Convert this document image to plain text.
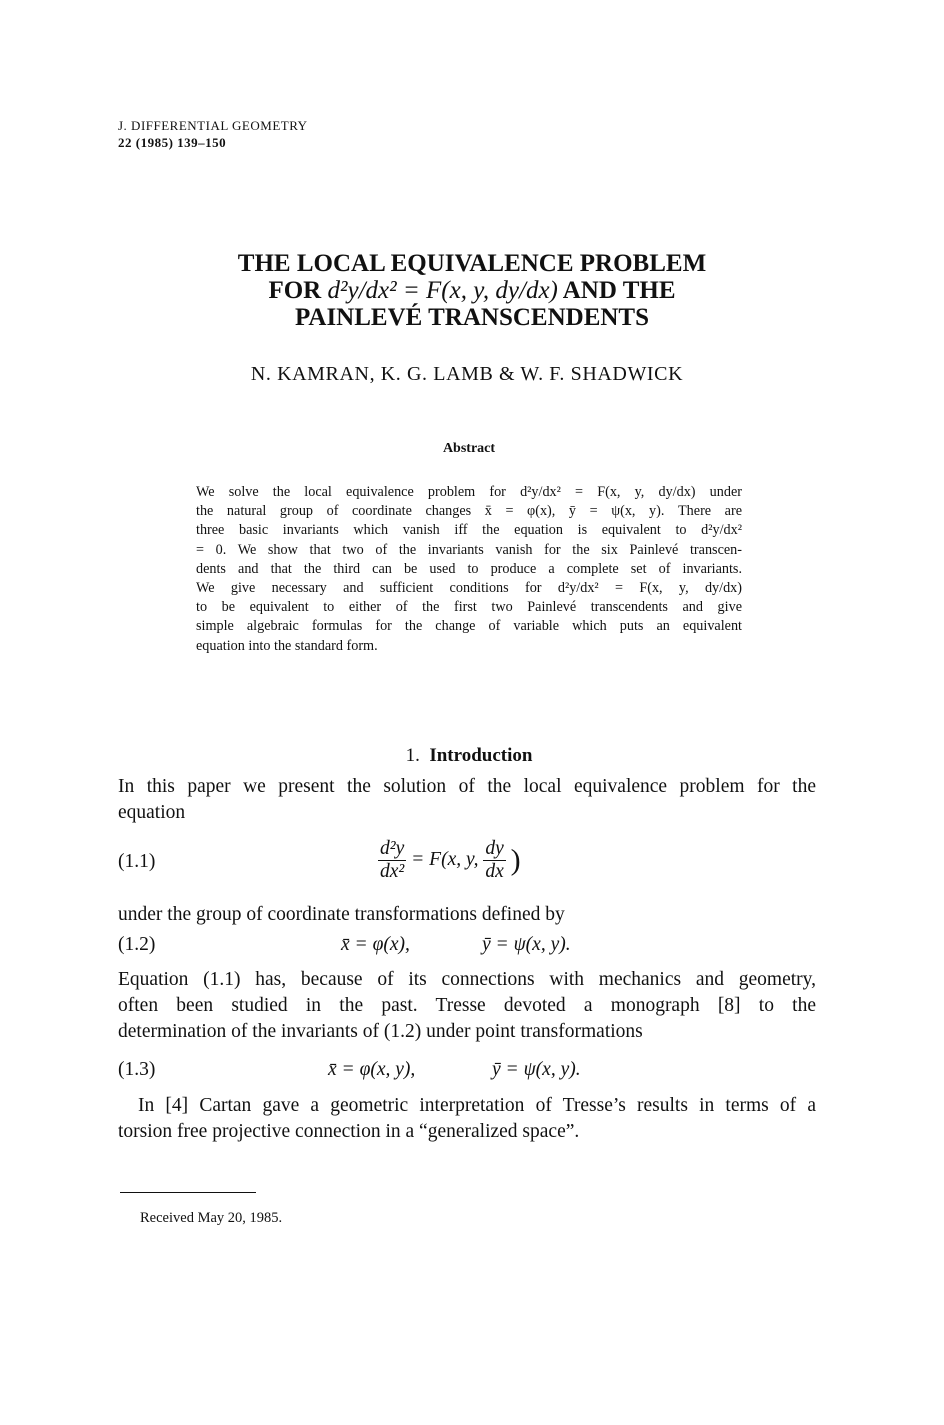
J. DIFFERENTIAL GEOMETRY
22 (1985) 139–150
THE LOCAL EQUIVALENCE PROBLEM
FOR d²y/dx² = F(x, y, dy/dx) AND THE
PAINLEVÉ TRANSCENDENTS
N. KAMRAN, K. G. LAMB & W. F. SHADWICK
Abstract
We solve the local equivalence problem for d²y/dx² = F(x, y, dy/dx) under
the natural group of coordinate changes x̄ = φ(x), ȳ = ψ(x, y). There are
three basic invariants which vanish iff the equation is equivalent to d²y/dx²
= 0. We show that two of the invariants vanish for the six Painlevé transcen-
dents and that the third can be used to produce a complete set of invariants.
We give necessary and sufficient conditions for d²y/dx² = F(x, y, dy/dx)
to be equivalent to either of the first two Painlevé transcendents and give
simple algebraic formulas for the change of variable which puts an equivalent
equation into the standard form.
1. Introduction
In this paper we present the solution of the local equivalence problem for the
equation
(1.1)	$\frac{\text{d²y}}{\text{dx²}} = F(x$, y, $\frac{dy}{dx}$ )
under the group of coordinate transformations defined by
(1.2)	x̄ = φ(x),	ȳ = ψ(x, y).
Equation (1.1) has, because of its connections with mechanics and geometry,
often been studied in the past. Tresse devoted a monograph [8] to the
determination of the invariants of (1.2) under point transformations
(1.3)	x̄ = φ(x, y),	ȳ = ψ(x, y).
In [4] Cartan gave a geometric interpretation of Tresse’s results in terms of a
torsion free projective connection in a “generalized space”.
Received May 20, 1985.
